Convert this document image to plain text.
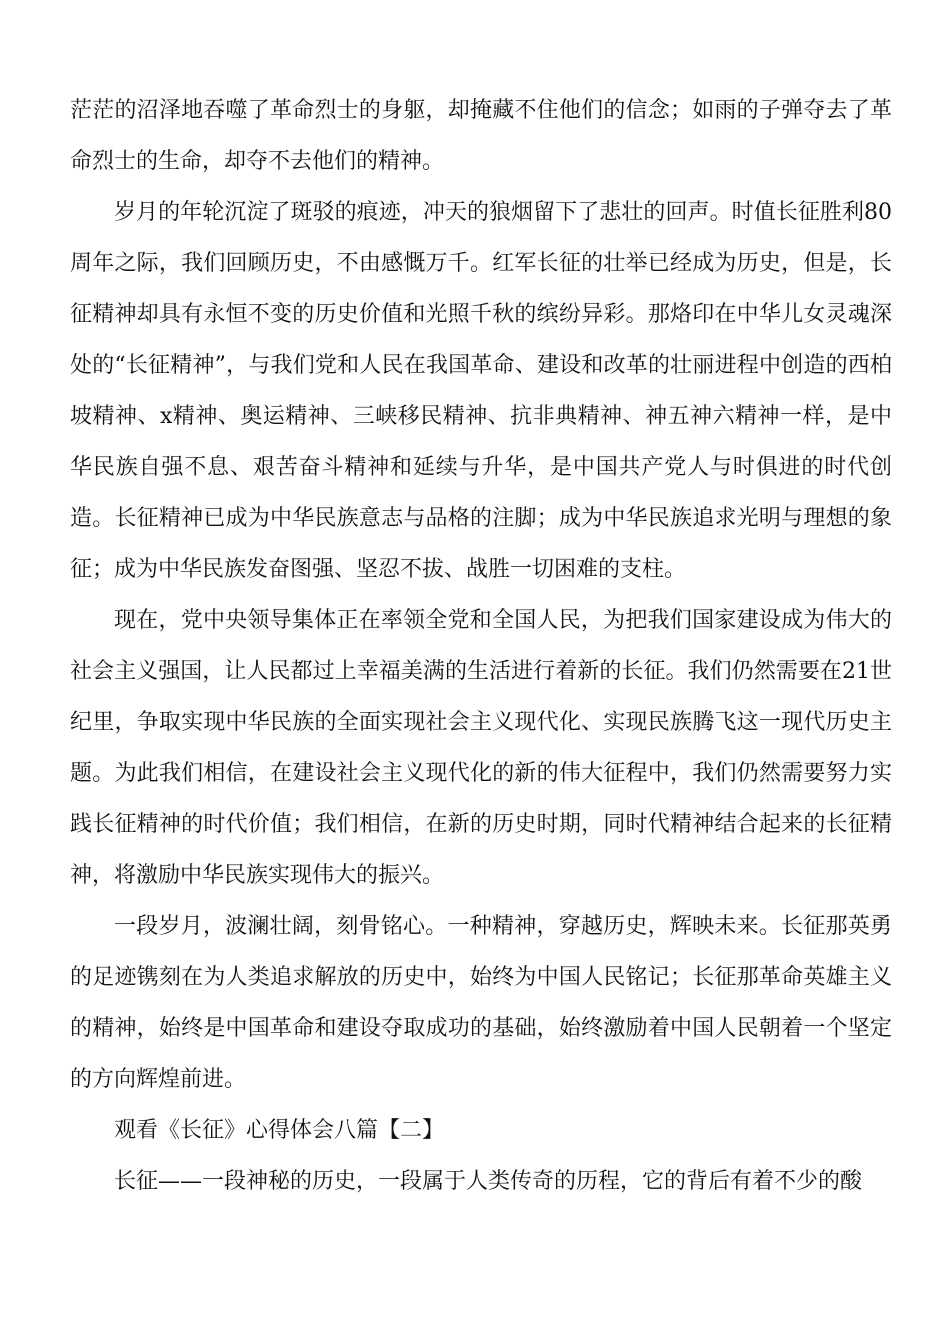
茫茫的沼泽地吞噬了革命烈士的身躯，却掩藏不住他们的信念；如雨的子弹夺去了革命烈士的生命，却夺不去他们的精神。

岁月的年轮沉淀了斑驳的痕迹，冲天的狼烟留下了悲壮的回声。时值长征胜利80周年之际，我们回顾历史，不由感慨万千。红军长征的壮举已经成为历史，但是，长征精神却具有永恒不变的历史价值和光照千秋的缤纷异彩。那烙印在中华儿女灵魂深处的“长征精神”，与我们党和人民在我国革命、建设和改革的壮丽进程中创造的西柏坡精神、x精神、奥运精神、三峡移民精神、抗非典精神、神五神六精神一样，是中华民族自强不息、艰苦奋斗精神和延续与升华，是中国共产党人与时俱进的时代创造。长征精神已成为中华民族意志与品格的注脚；成为中华民族追求光明与理想的象征；成为中华民族发奋图强、坚忍不拔、战胜一切困难的支柱。

现在，党中央领导集体正在率领全党和全国人民，为把我们国家建设成为伟大的社会主义强国，让人民都过上幸福美满的生活进行着新的长征。我们仍然需要在21世纪里，争取实现中华民族的全面实现社会主义现代化、实现民族腾飞这一现代历史主题。为此我们相信，在建设社会主义现代化的新的伟大征程中，我们仍然需要努力实践长征精神的时代价值；我们相信，在新的历史时期，同时代精神结合起来的长征精神，将激励中华民族实现伟大的振兴。

一段岁月，波澜壮阔，刻骨铭心。一种精神，穿越历史，辉映未来。长征那英勇的足迹镌刻在为人类追求解放的历史中，始终为中国人民铭记；长征那革命英雄主义的精神，始终是中国革命和建设夺取成功的基础，始终激励着中国人民朝着一个坚定的方向辉煌前进。

观看《长征》心得体会八篇【二】

长征——一段神秘的历史，一段属于人类传奇的历程，它的背后有着不少的酸
